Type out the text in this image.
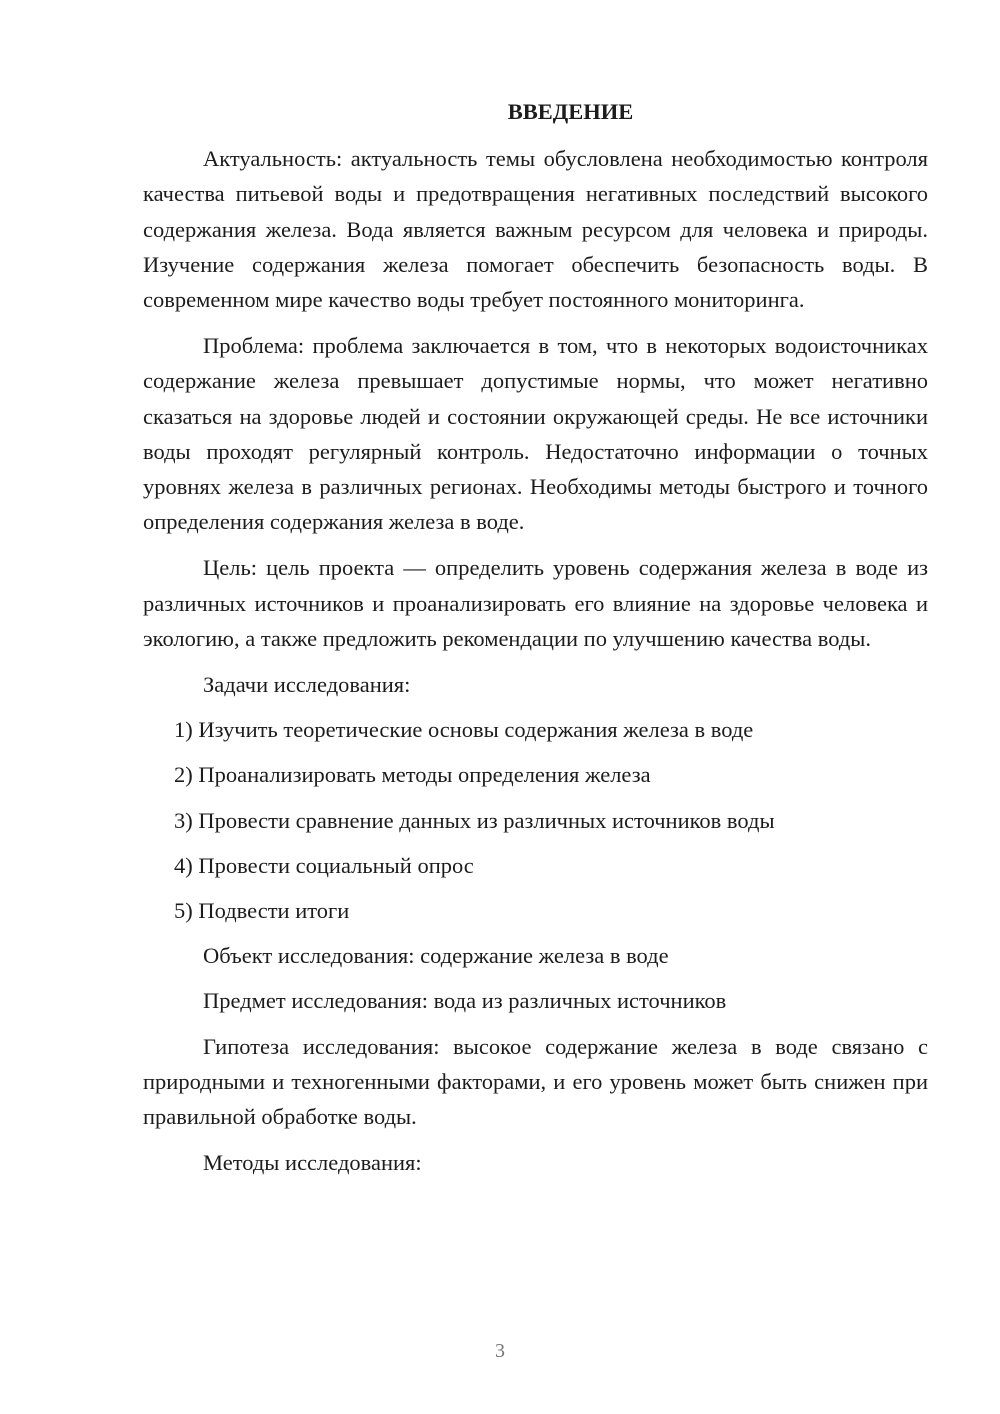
ВВЕДЕНИЕ

Актуальность: актуальность темы обусловлена необходимостью контроля качества питьевой воды и предотвращения негативных последствий высокого содержания железа. Вода является важным ресурсом для человека и природы. Изучение содержания железа помогает обеспечить безопасность воды. В современном мире качество воды требует постоянного мониторинга.

Проблема: проблема заключается в том, что в некоторых водоисточниках содержание железа превышает допустимые нормы, что может негативно сказаться на здоровье людей и состоянии окружающей среды. Не все источники воды проходят регулярный контроль. Недостаточно информации о точных уровнях железа в различных регионах. Необходимы методы быстрого и точного определения содержания железа в воде.

Цель: цель проекта — определить уровень содержания железа в воде из различных источников и проанализировать его влияние на здоровье человека и экологию, а также предложить рекомендации по улучшению качества воды.

Задачи исследования:

1) Изучить теоретические основы содержания железа в воде

2) Проанализировать методы определения железа

3) Провести сравнение данных из различных источников воды

4) Провести социальный опрос

5) Подвести итоги

Объект исследования: содержание железа в воде

Предмет исследования: вода из различных источников

Гипотеза исследования: высокое содержание железа в воде связано с природными и техногенными факторами, и его уровень может быть снижен при правильной обработке воды.

Методы исследования:

3
